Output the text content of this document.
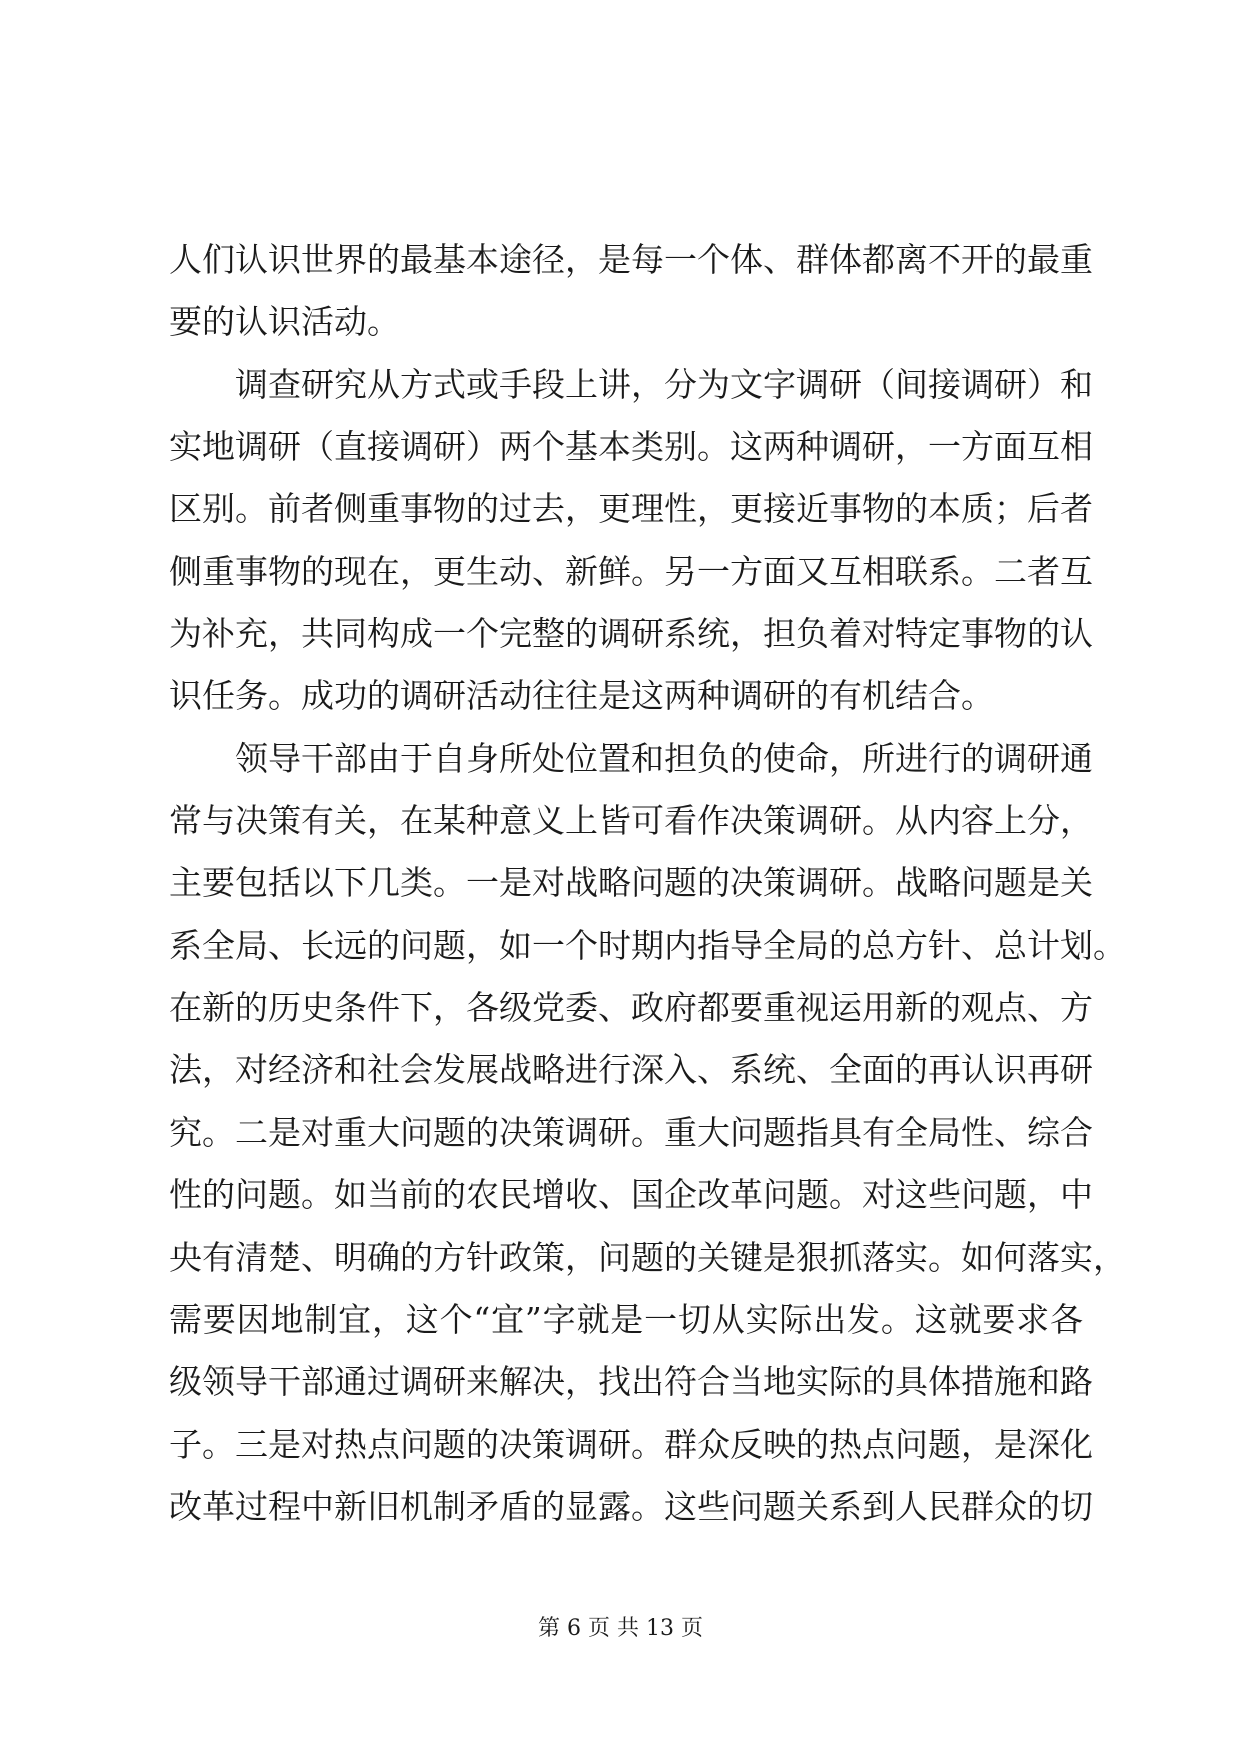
人们认识世界的最基本途径，是每一个体、群体都离不开的最重
要的认识活动。
调查研究从方式或手段上讲，分为文字调研（间接调研）和
实地调研（直接调研）两个基本类别。这两种调研，一方面互相
区别。前者侧重事物的过去，更理性，更接近事物的本质；后者
侧重事物的现在，更生动、新鲜。另一方面又互相联系。二者互
为补充，共同构成一个完整的调研系统，担负着对特定事物的认
识任务。成功的调研活动往往是这两种调研的有机结合。
领导干部由于自身所处位置和担负的使命，所进行的调研通
常与决策有关，在某种意义上皆可看作决策调研。从内容上分，
主要包括以下几类。一是对战略问题的决策调研。战略问题是关
系全局、长远的问题，如一个时期内指导全局的总方针、总计划。
在新的历史条件下，各级党委、政府都要重视运用新的观点、方
法，对经济和社会发展战略进行深入、系统、全面的再认识再研
究。二是对重大问题的决策调研。重大问题指具有全局性、综合
性的问题。如当前的农民增收、国企改革问题。对这些问题，中
央有清楚、明确的方针政策，问题的关键是狠抓落实。如何落实，
需要因地制宜，这个“宜”字就是一切从实际出发。这就要求各
级领导干部通过调研来解决，找出符合当地实际的具体措施和路
子。三是对热点问题的决策调研。群众反映的热点问题，是深化
改革过程中新旧机制矛盾的显露。这些问题关系到人民群众的切
第 6 页 共 13 页
